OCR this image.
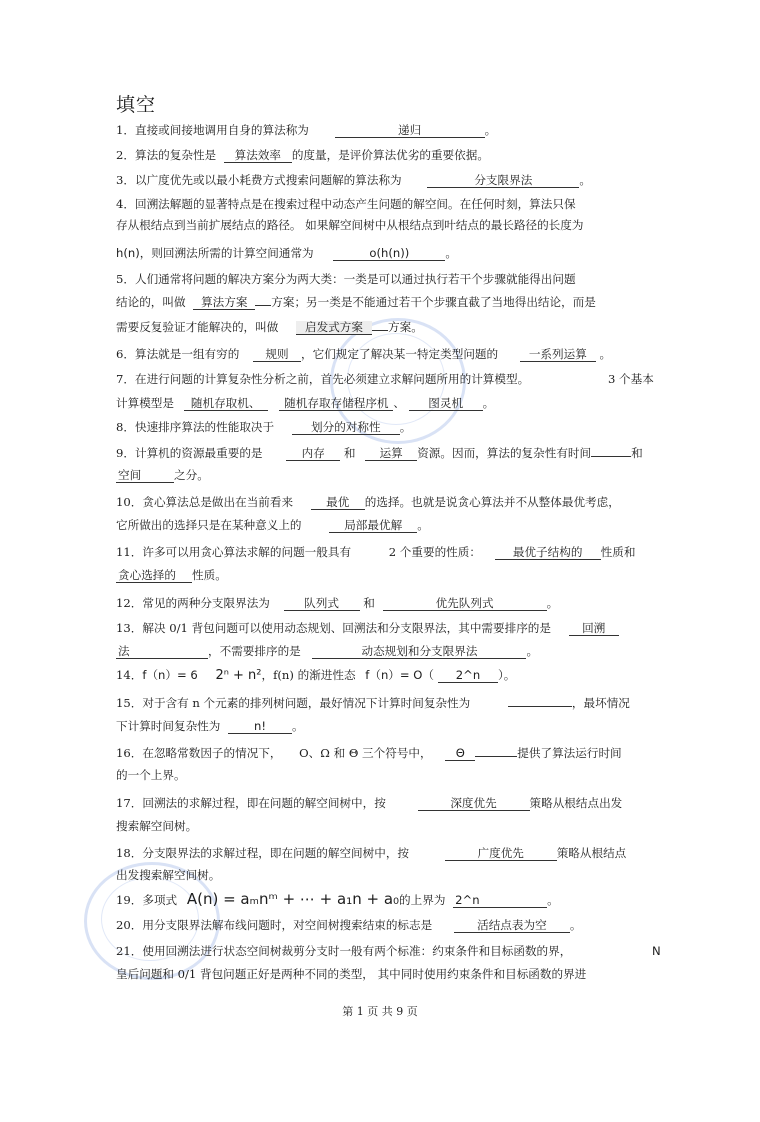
填空
1．直接或间接地调用自身的算法称为	递归	。
2．算法的复杂性是 算法效率 的度量，是评价算法优劣的重要依据。
3．以广度优先或以最小耗费方式搜索问题解的算法称为	分支限界法	。
4．回溯法解题的显著特点是在搜索过程中动态产生问题的解空间。在任何时刻，算法只保
存从根结点到当前扩展结点的路径。 如果解空间树中从根结点到叶结点的最长路径的长度为
h(n)，则回溯法所需的计算空间通常为	o(h(n))	。
5．人们通常将问题的解决方案分为两大类：一类是可以通过执行若干个步骤就能得出问题
结论的，叫做 算法方案 方案；另一类是不能通过若干个步骤直截了当地得出结论，而是
需要反复验证才能解决的，叫做 启发式方案 方案。
6．算法就是一组有穷的 规则 ，它们规定了解决某一特定类型问题的	一系列运算 。
7．在进行问题的计算复杂性分析之前，首先必须建立求解问题所用的计算模型。	3 个基本
计算模型是 随机存取机、 随机存取存储程序机 、 图灵机 。
8．快速排序算法的性能取决于	划分的对称性 。
9．计算机的资源最重要的是	内存 和 运算 资源。因而，算法的复杂性有时间	和
空间	之分。
10．贪心算法总是做出在当前看来	最优 的选择。也就是说贪心算法并不从整体最优考虑，
它所做出的选择只是在某种意义上的	局部最优解 。
11．许多可以用贪心算法求解的问题一般具有	2 个重要的性质：	最优子结构的 性质和
贪心选择的 性质。
12．常见的两种分支限界法为	队列式 和	优先队列式	。
13．解决 0/1 背包问题可以使用动态规划、回溯法和分支限界法，其中需要排序的是	回溯
法	，不需要排序的是	动态规划和分支限界法	。
14．f（n）= 6 2ⁿ + n²，f(n) 的渐进性态 f（n）= O（ 2^n ）。
15．对于含有 n 个元素的排列树问题，最好情况下计算时间复杂性为	，最坏情况
下计算时间复杂性为	n! 。
16．在忽略常数因子的情况下， O、Ω 和 Θ 三个符号中， Θ	提供了算法运行时间
的一个上界。
17．回溯法的求解过程，即在问题的解空间树中，按	深度优先	策略从根结点出发
搜索解空间树。
18．分支限界法的求解过程，即在问题的解空间树中，按	广度优先	策略从根结点
出发搜索解空间树。
19．多项式 A(n) = aₘnᵐ + ⋯ + a₁n + a₀的上界为 2^n	。
20．用分支限界法解布线问题时，对空间树搜索结束的标志是	活结点表为空 。
21．使用回溯法进行状态空间树裁剪分支时一般有两个标准：约束条件和目标函数的界，	N
皇后问题和 0/1 背包问题正好是两种不同的类型， 其中同时使用约束条件和目标函数的界进
第 1 页 共 9 页
